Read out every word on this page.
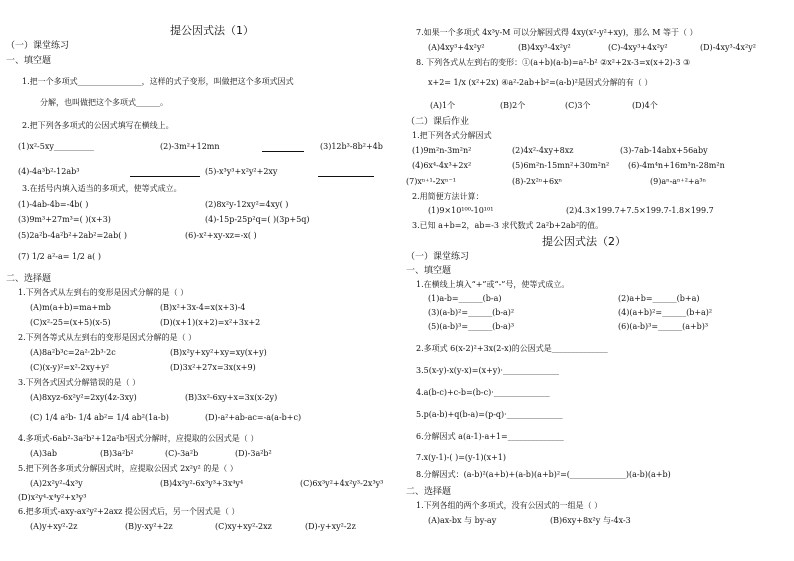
提公因式法（1）
（一）课堂练习
一、填空题
1.把一个多项式________________，这样的式子变形，叫做把这个多项式因式
分解，也叫做把这个多项式______。
2.把下列各多项式的公因式填写在横线上。
(1)x²-5xy__________	(2)-3m²+12mn	(3)12b³-8b²+4b
(4)-4a³b²-12ab³	(5)-x³y³+x²y²+2xy
3.在括号内填入适当的多项式，使等式成立。
(1)-4ab-4b=-4b( )	(2)8x²y-12xy²=4xy( )
(3)9m³+27m³=( )(x+3)	(4)-15p-25p²q=( )(3p+5q)
(5)2a²b-4a²b²+2ab²=2ab( )	(6)-x²+xy-xz=-x( )
(7) 1/2 a²-a= 1/2 a( )
二、选择题
1.下列各式从左到右的变形是因式分解的是（ ）
(A)m(a+b)=ma+mb	(B)x²+3x-4=x(x+3)-4
(C)x²-25=(x+5)(x-5)	(D)(x+1)(x+2)=x²+3x+2
2.下列各等式从左到右的变形是因式分解的是（ ）
(A)8a²b³c=2a²·2b³·2c	(B)x²y+xy²+xy=xy(x+y)
(C)(x-y)²=x²-2xy+y²	(D)3x²+27x=3x(x+9)
3.下列各式因式分解错误的是（ ）
(A)8xyz-6x²y²=2xy(4z-3xy)	(B)3x²-6xy+x=3x(x-2y)
(C) 1/4 a²b- 1/4 ab²= 1/4 ab²(1a-b)	(D)-a²+ab-ac=-a(a-b+c)
4.多项式-6ab²-3a²b²+12a²b³因式分解时，应提取的公因式是（ ）
(A)3ab	(B)3a²b²	(C)-3a²b	(D)-3a²b²
5.把下列各多项式分解因式时，应提取公因式 2x²y² 的是（ ）
(A)2x²y²-4x³y	(B)4x²y²-6x³y³+3x⁴y⁴	(C)6x³y²+4x²y³-2x³y³
(D)x²y⁴-x⁴y²+x³y³
6.把多项式-axy-ax²y²+2axz 提公因式后，另一个因式是（ ）
(A)y+xy²-2z	(B)y-xy²+2z	(C)xy+xy²-2xz	(D)-y+xy²-2z
7.如果一个多项式 4x³y-M 可以分解因式得 4xy(x²-y²+xy)，那么 M 等于（ ）
(A)4xy³+4x²y²	(B)4xy³-4x²y²	(C)-4xy³+4x²y²	(D)-4xy³-4x²y²
8. 下列各式从左到右的变形：①(a+b)(a-b)=a²-b² ②x²+2x-3=x(x+2)-3 ③
x+2= 1/x (x²+2x) ④a²-2ab+b²=(a-b)²是因式分解的有（ ）
(A)1个	(B)2个	(C)3个	(D)4个
（二）课后作业
1.把下列各式分解因式
(1)9m²n-3m²n²	(2)4x²-4xy+8xz	(3)-7ab-14abx+56aby
(4)6x⁴-4x³+2x²	(5)6m²n-15mn²+30m²n² (6)-4m⁴n+16m³n-28m²n
(7)xⁿ⁺¹-2xⁿ⁻¹	(8)-2x²ⁿ+6xⁿ	(9)aⁿ-aⁿ⁺²+a³ⁿ
2.用简便方法计算：
(1)9×10¹⁰⁰-10¹⁰¹	(2)4.3×199.7+7.5×199.7-1.8×199.7
3.已知 a+b=2，ab=-3 求代数式 2a²b+2ab²的值。
提公因式法（2）
（一）课堂练习
一、填空题
1.在横线上填入“+”或“-”号，使等式成立。
(1)a-b=______(b-a)	(2)a+b=______(b+a)
(3)(a-b)²=______(b-a)²	(4)(a+b)²=______(b+a)²
(5)(a-b)³=______(b-a)³	(6)(a-b)³=______(a+b)³
2.多项式 6(x-2)²+3x(2-x)的公因式是______________
3.5(x-y)-x(y-x)=(x+y)·______________
4.a(b-c)+c-b=(b-c)·______________
5.p(a-b)+q(b-a)=(p-q)·______________
6.分解因式 a(a-1)-a+1=______________
7.x(y-1)-( )=(y-1)(x+1)
8.分解因式：(a-b)²(a+b)+(a-b)(a+b)²=(______________)(a-b)(a+b)
二、选择题
1.下列各组的两个多项式，没有公因式的一组是（ ）
(A)ax-bx 与 by-ay	(B)6xy+8x²y 与-4x-3
